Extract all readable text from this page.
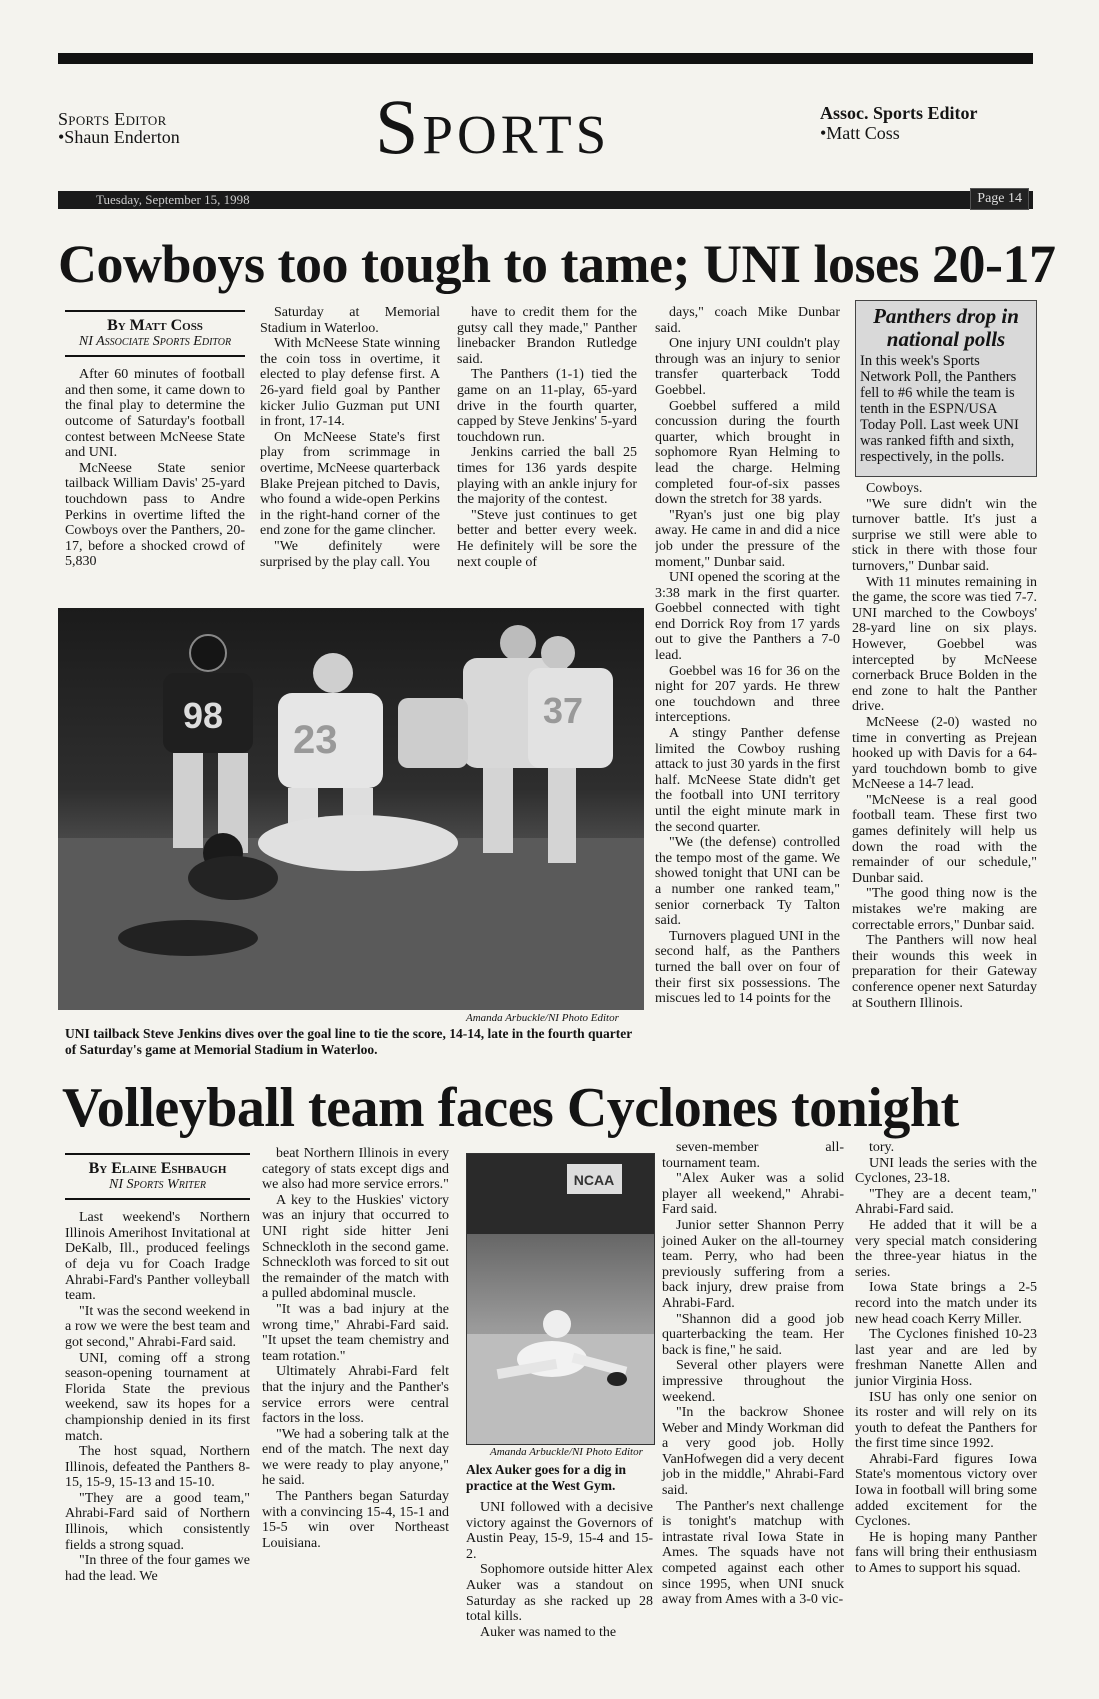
Sports Editor
•Shaun Enderton	Sports	Assoc. Sports Editor
•Matt Coss
Tuesday, September 15, 1998	Page 14
Cowboys too tough to tame; UNI loses 20-17
By Matt Coss
NI Associate Sports Editor

After 60 minutes of football and then some, it came down to the final play to determine the outcome of Saturday's football contest between McNeese State and UNI.

McNeese State senior tailback William Davis' 25-yard touchdown pass to Andre Perkins in overtime lifted the Cowboys over the Panthers, 20-17, before a shocked crowd of 5,830

Saturday at Memorial Stadium in Waterloo.

With McNeese State winning the coin toss in overtime, it elected to play defense first. A 26-yard field goal by Panther kicker Julio Guzman put UNI in front, 17-14.

On McNeese State's first play from scrimmage in overtime, McNeese quarterback Blake Prejean pitched to Davis, who found a wide-open Perkins in the right-hand corner of the end zone for the game clincher.

"We definitely were surprised by the play call. You

have to credit them for the gutsy call they made," Panther linebacker Brandon Rutledge said.

The Panthers (1-1) tied the game on an 11-play, 65-yard drive in the fourth quarter, capped by Steve Jenkins' 5-yard touchdown run.

Jenkins carried the ball 25 times for 136 yards despite playing with an ankle injury for the majority of the contest.

"Steve just continues to get better and better every week. He definitely will be sore the next couple of

days," coach Mike Dunbar said.

One injury UNI couldn't play through was an injury to senior transfer quarterback Todd Goebbel.

Goebbel suffered a mild concussion during the fourth quarter, which brought in sophomore Ryan Helming to lead the charge. Helming completed four-of-six passes down the stretch for 38 yards.

"Ryan's just one big play away. He came in and did a nice job under the pressure of the moment," Dunbar said.

UNI opened the scoring at the 3:38 mark in the first quarter. Goebbel connected with tight end Dorrick Roy from 17 yards out to give the Panthers a 7-0 lead.

Goebbel was 16 for 36 on the night for 207 yards. He threw one touchdown and three interceptions.

A stingy Panther defense limited the Cowboy rushing attack to just 30 yards in the first half. McNeese State didn't get the football into UNI territory until the eight minute mark in the second quarter.

"We (the defense) controlled the tempo most of the game. We showed tonight that UNI can be a number one ranked team," senior cornerback Ty Talton said.

Turnovers plagued UNI in the second half, as the Panthers turned the ball over on four of their first six possessions. The miscues led to 14 points for the

Cowboys.

"We sure didn't win the turnover battle. It's just a surprise we still were able to stick in there with those four turnovers," Dunbar said.

With 11 minutes remaining in the game, the score was tied 7-7. UNI marched to the Cowboys' 28-yard line on six plays. However, Goebbel was intercepted by McNeese cornerback Bruce Bolden in the end zone to halt the Panther drive.

McNeese (2-0) wasted no time in converting as Prejean hooked up with Davis for a 64-yard touchdown bomb to give McNeese a 14-7 lead.

"McNeese is a real good football team. These first two games definitely will help us down the road with the remainder of our schedule," Dunbar said.

"The good thing now is the mistakes we're making are correctable errors," Dunbar said.

The Panthers will now heal their wounds this week in preparation for their Gateway conference opener next Saturday at Southern Illinois.

Panthers drop in national polls
In this week's Sports Network Poll, the Panthers fell to #6 while the team is tenth in the ESPN/USA Today Poll. Last week UNI was ranked fifth and sixth, respectively, in the polls.
98
23
37
Amanda Arbuckle/NI Photo Editor
UNI tailback Steve Jenkins dives over the goal line to tie the score, 14-14, late in the fourth quarter of Saturday's game at Memorial Stadium in Waterloo.
Volleyball team faces Cyclones tonight
By Elaine Eshbaugh
NI Sports Writer

Last weekend's Northern Illinois Amerihost Invitational at DeKalb, Ill., produced feelings of deja vu for Coach Iradge Ahrabi-Fard's Panther volleyball team.

"It was the second weekend in a row we were the best team and got second," Ahrabi-Fard said.

UNI, coming off a strong season-opening tournament at Florida State the previous weekend, saw its hopes for a championship denied in its first match.

The host squad, Northern Illinois, defeated the Panthers 8-15, 15-9, 15-13 and 15-10.

"They are a good team," Ahrabi-Fard said of Northern Illinois, which consistently fields a strong squad.

"In three of the four games we had the lead. We

beat Northern Illinois in every category of stats except digs and we also had more service errors."

A key to the Huskies' victory was an injury that occurred to UNI right side hitter Jeni Schneckloth in the second game. Schneckloth was forced to sit out the remainder of the match with a pulled abdominal muscle.

"It was a bad injury at the wrong time," Ahrabi-Fard said. "It upset the team chemistry and team rotation."

Ultimately Ahrabi-Fard felt that the injury and the Panther's service errors were central factors in the loss.

"We had a sobering talk at the end of the match. The next day we were ready to play anyone," he said.

The Panthers began Saturday with a convincing 15-4, 15-1 and 15-5 win over Northeast Louisiana.

NCAA
Amanda Arbuckle/NI Photo Editor
Alex Auker goes for a dig in practice at the West Gym.

UNI followed with a decisive victory against the Governors of Austin Peay, 15-9, 15-4 and 15-2.

Sophomore outside hitter Alex Auker was a standout on Saturday as she racked up 28 total kills.

Auker was named to the

seven-member all-tournament team.

"Alex Auker was a solid player all weekend," Ahrabi-Fard said.

Junior setter Shannon Perry joined Auker on the all-tourney team. Perry, who had been previously suffering from a back injury, drew praise from Ahrabi-Fard.

"Shannon did a good job quarterbacking the team. Her back is fine," he said.

Several other players were impressive throughout the weekend.

"In the backrow Shonee Weber and Mindy Workman did a very good job. Holly VanHofwegen did a very decent job in the middle," Ahrabi-Fard said.

The Panther's next challenge is tonight's matchup with intrastate rival Iowa State in Ames. The squads have not competed against each other since 1995, when UNI snuck away from Ames with a 3-0 vic-

tory.

UNI leads the series with the Cyclones, 23-18.

"They are a decent team," Ahrabi-Fard said.

He added that it will be a very special match considering the three-year hiatus in the series.

Iowa State brings a 2-5 record into the match under its new head coach Kerry Miller.

The Cyclones finished 10-23 last year and are led by freshman Nanette Allen and junior Virginia Hoss.

ISU has only one senior on its roster and will rely on its youth to defeat the Panthers for the first time since 1992.

Ahrabi-Fard figures Iowa State's momentous victory over Iowa in football will bring some added excitement for the Cyclones.

He is hoping many Panther fans will bring their enthusiasm to Ames to support his squad.
